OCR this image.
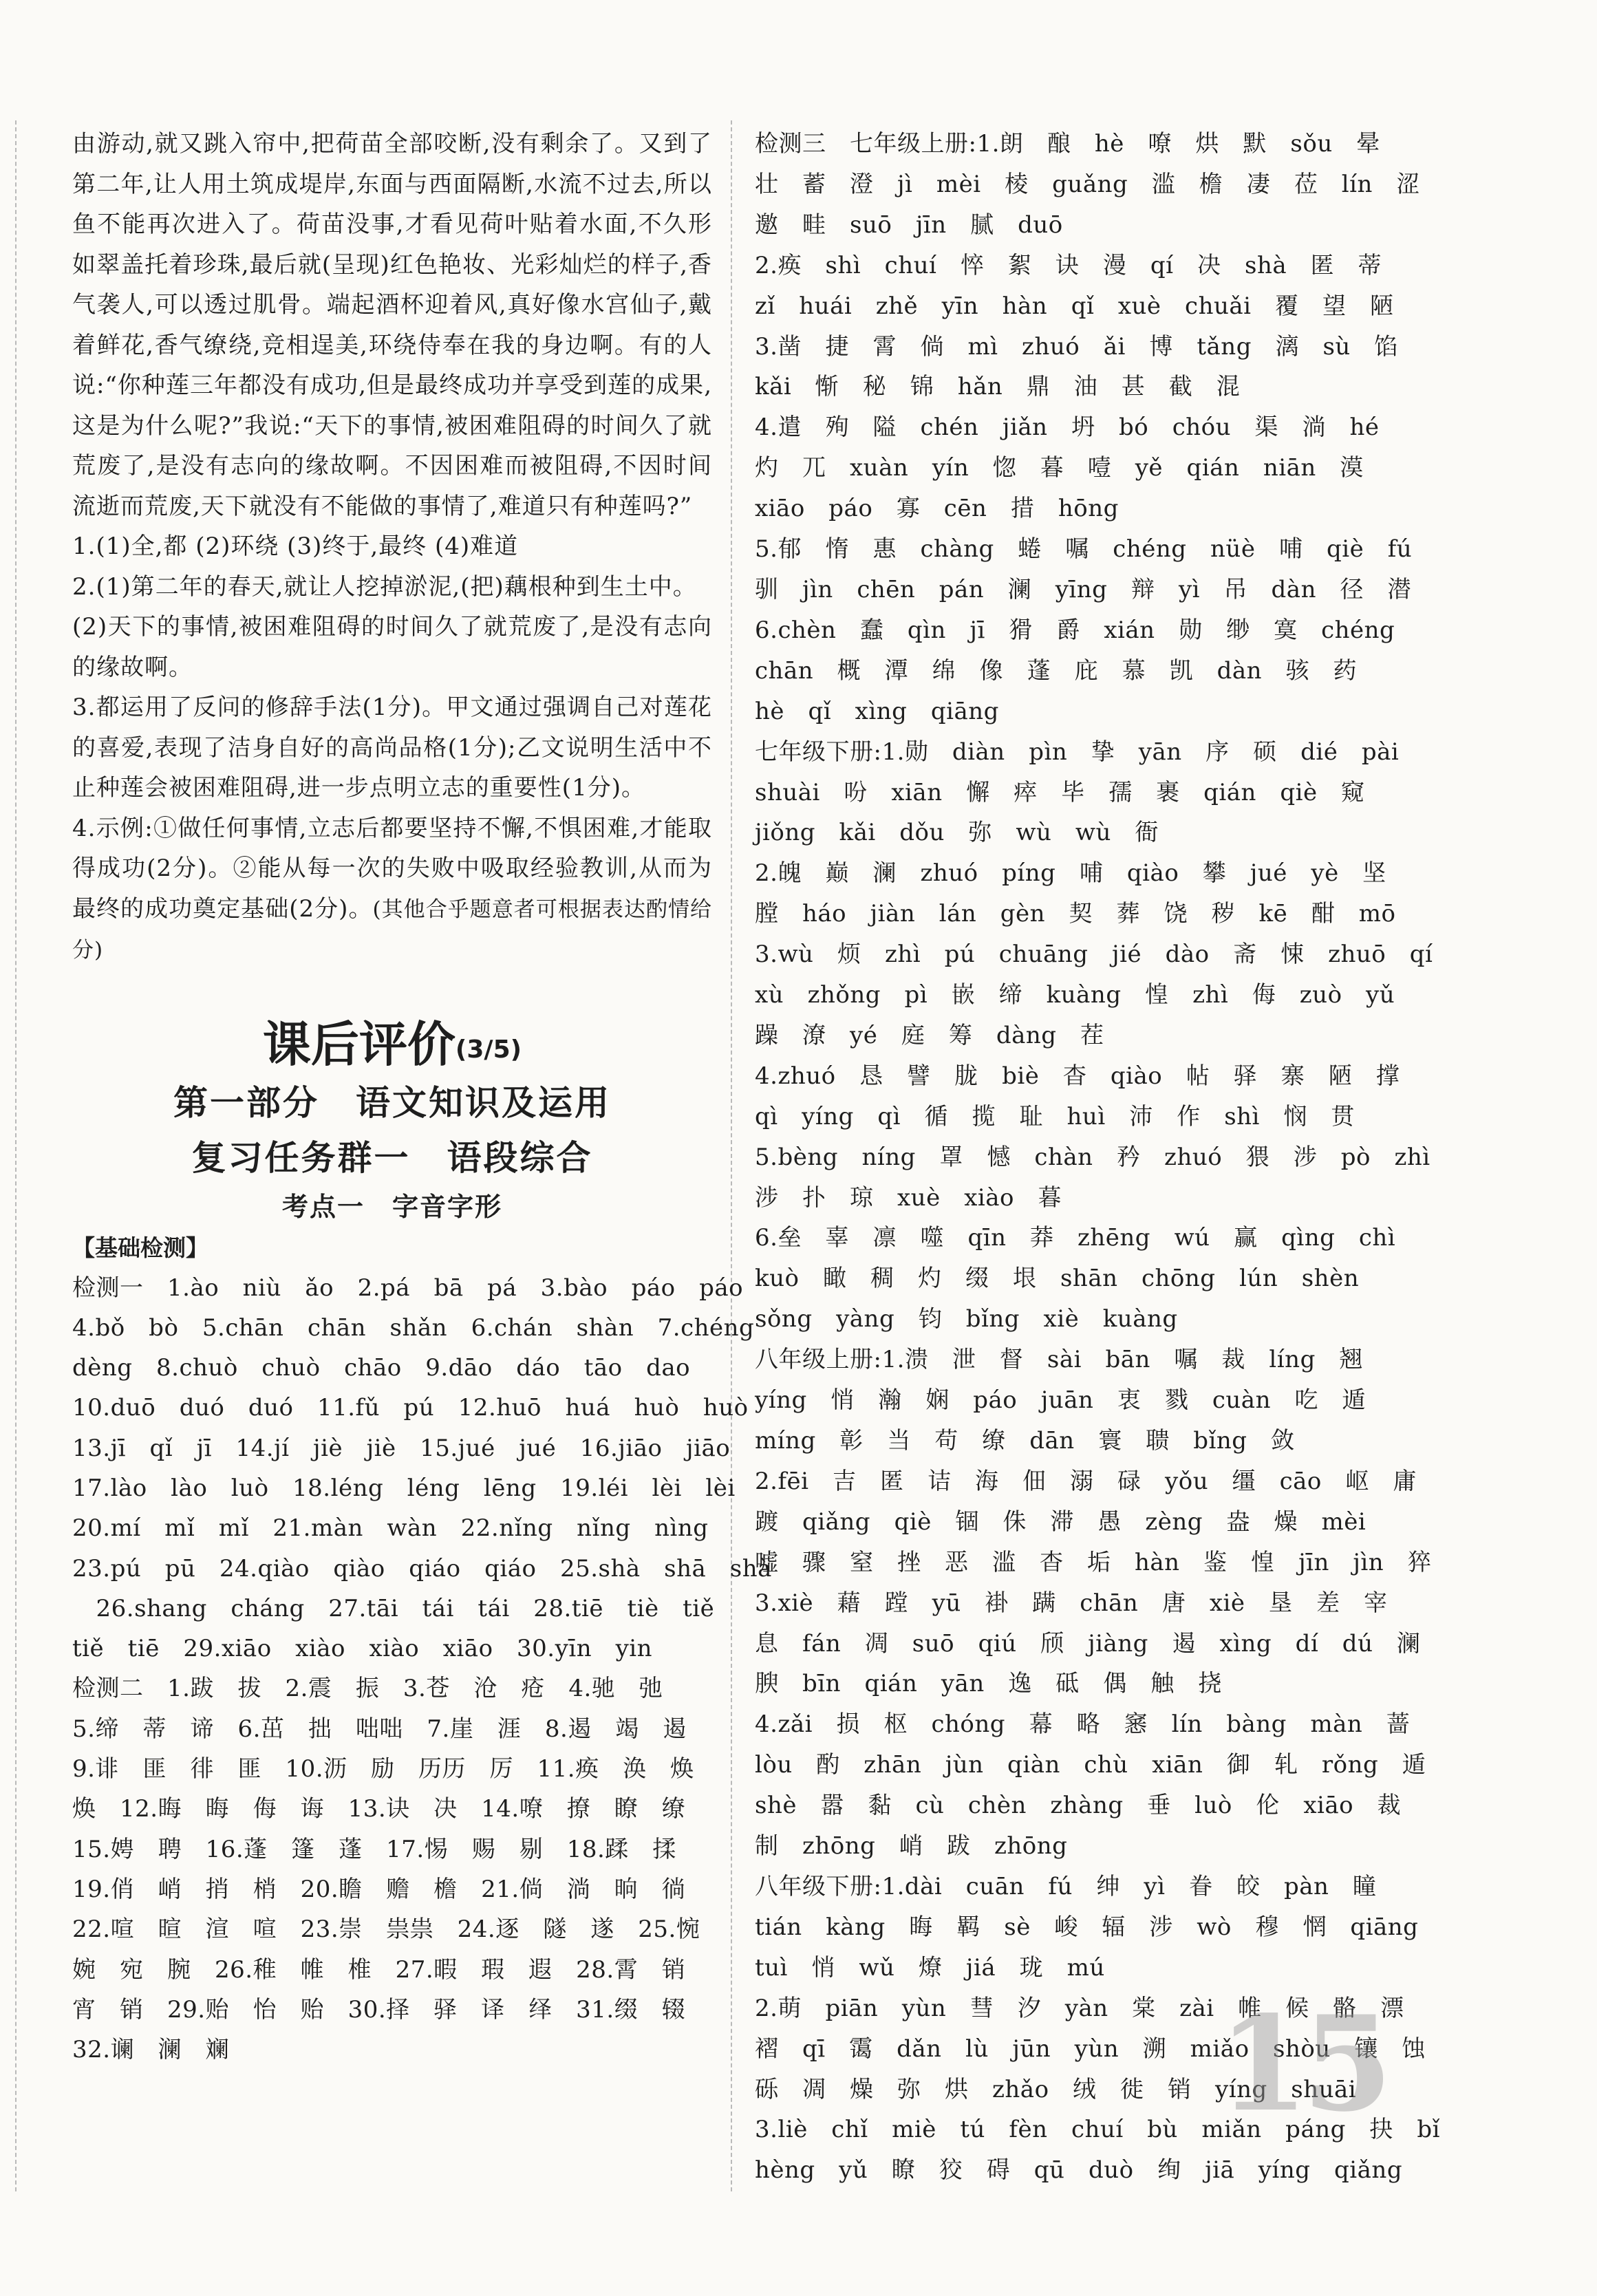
由游动,就又跳入帘中,把荷苗全部咬断,没有剩余了。又到了第二年,让人用土筑成堤岸,东面与西面隔断,水流不过去,所以鱼不能再次进入了。荷苗没事,才看见荷叶贴着水面,不久形如翠盖托着珍珠,最后就(呈现)红色艳妆、光彩灿烂的样子,香气袭人,可以透过肌骨。端起酒杯迎着风,真好像水宫仙子,戴着鲜花,香气缭绕,竞相逞美,环绕侍奉在我的身边啊。有的人说:“你种莲三年都没有成功,但是最终成功并享受到莲的成果,这是为什么呢?”我说:“天下的事情,被困难阻碍的时间久了就荒废了,是没有志向的缘故啊。不因困难而被阻碍,不因时间流逝而荒废,天下就没有不能做的事情了,难道只有种莲吗?”

1.(1)全,都 (2)环绕 (3)终于,最终 (4)难道

2.(1)第二年的春天,就让人挖掉淤泥,(把)藕根种到生土中。

(2)天下的事情,被困难阻碍的时间久了就荒废了,是没有志向的缘故啊。

3.都运用了反问的修辞手法(1分)。甲文通过强调自己对莲花的喜爱,表现了洁身自好的高尚品格(1分);乙文说明生活中不止种莲会被困难阻碍,进一步点明立志的重要性(1分)。

4.示例:①做任何事情,立志后都要坚持不懈,不惧困难,才能取得成功(2分)。②能从每一次的失败中吸取经验教训,从而为最终的成功奠定基础(2分)。(其他合乎题意者可根据表达酌情给分)

课后评价$^{(3/5)}$

第一部分　语文知识及运用

复习任务群一　语段综合

考点一　字音字形

【基础检测】

检测一　1.ào　niù　ǎo　2.pá　bā　pá　3.bào　páo　páo

4.bǒ　bò　5.chān　chān　shǎn　6.chán　shàn　7.chéng

dèng　8.chuò　chuò　chāo　9.dāo　dáo　tāo　dao

10.duō　duó　duó　11.fǔ　pú　12.huō　huá　huò　huò

13.jī　qǐ　jī　14.jí　jiè　jiè　15.jué　jué　16.jiāo　jiāo

17.lào　lào　luò　18.léng　léng　lēng　19.léi　lèi　lèi

20.mí　mǐ　mǐ　21.màn　wàn　22.nǐng　nǐng　nìng

23.pú　pū　24.qiào　qiào　qiáo　qiáo　25.shà　shā　shà

　26.shang　cháng　27.tāi　tái　tái　28.tiē　tiè　tiě

tiě　tiē　29.xiāo　xiào　xiào　xiāo　30.yīn　yin

检测二　1.跋　拔　2.震　振　3.苍　沧　疮　4.驰　弛

5.缔　蒂　谛　6.茁　拙　咄咄　7.崖　涯　8.遏　竭　遏

9.诽　匪　徘　匪　10.沥　励　历历　厉　11.痪　涣　焕

焕　12.晦　晦　侮　诲　13.诀　决　14.嘹　撩　瞭　缭

15.娉　聘　16.蓬　篷　蓬　17.惕　赐　剔　18.蹂　揉

19.俏　峭　捎　梢　20.瞻　赡　檐　21.倘　淌　晌　徜

22.喧　暄　渲　喧　23.崇　祟祟　24.逐　隧　遂　25.惋

婉　宛　腕　26.稚　帷　椎　27.暇　瑕　遐　28.霄　销

宵　销　29.贻　怡　贻　30.择　驿　译　绎　31.缀　辍

32.谰　澜　斓

检测三　七年级上册:1.朗　酿　hè　嘹　烘　默　sǒu　晕

壮　蓄　澄　jì　mèi　棱　guǎng　滥　檐　凄　莅　lín　涩

邀　畦　suō　jīn　腻　duō

2.痪　shì　chuí　悴　絮　诀　漫　qí　决　shà　匿　蒂

zǐ　huái　zhě　yīn　hàn　qǐ　xuè　chuǎi　覆　望　陋

3.凿　捷　霄　倘　mì　zhuó　ǎi　博　tǎng　漓　sù　馅

kǎi　惭　秘　锦　hǎn　鼎　油　甚　截　混

4.遣　殉　隘　chén　jiǎn　坍　bó　chóu　渠　淌　hé

灼　兀　xuàn　yín　惚　暮　噎　yě　qián　niān　漠

xiāo　páo　寡　cēn　措　hōng

5.郁　惰　惠　chàng　蜷　嘱　chéng　nüè　哺　qiè　fú

驯　jìn　chēn　pán　澜　yīng　辩　yì　吊　dàn　径　潜

6.chèn　蠢　qìn　jī　猾　爵　xián　勋　缈　寞　chéng

chān　概　潭　绵　像　蓬　庇　慕　凯　dàn　骇　药

hè　qǐ　xìng　qiāng

七年级下册:1.勋　diàn　pìn　挚　yān　序　硕　dié　pài

shuài　吩　xiān　懈　瘁　毕　孺　裹　qián　qiè　窥

jiǒng　kǎi　dǒu　弥　wù　wù　衙

2.魄　巅　澜　zhuó　píng　哺　qiào　攀　jué　yè　坚

膛　háo　jiàn　lán　gèn　契　葬　饶　秽　kē　酣　mō

3.wù　烦　zhì　pú　chuāng　jié　dào　斋　悚　zhuō　qí

xù　zhǒng　pì　嵌　缔　kuàng　惶　zhì　侮　zuò　yǔ

躁　潦　yé　庭　筹　dàng　茬

4.zhuó　恳　譬　胧　biè　杳　qiào　帖　驿　寨　陋　撑

qì　yíng　qì　循　揽　耻　huì　沛　作　shì　悯　贯

5.bèng　níng　罩　憾　chàn　矜　zhuó　猥　涉　pò　zhì

涉　扑　琼　xuè　xiào　暮

6.垒　辜　凛　噬　qīn　莽　zhēng　wú　赢　qìng　chì

kuò　瞰　稠　灼　缀　垠　shān　chōng　lún　shèn

sǒng　yàng　钧　bǐng　xiè　kuàng

八年级上册:1.溃　泄　督　sài　bān　嘱　裁　líng　翘

yíng　悄　瀚　娴　páo　juān　衷　戮　cuàn　吃　遁

míng　彰　当　苟　缭　dān　寰　聩　bǐng　敛

2.fēi　吉　匿　诘　海　佃　溺　碌　yǒu　缰　cāo　岖　庸

踱　qiǎng　qiè　锢　侏　滞　愚　zèng　盎　燥　mèi

嘘　骤　窒　挫　恶　滥　杳　垢　hàn　鉴　惶　jīn　jìn　猝

3.xiè　藉　蹚　yū　褂　蹒　chān　唐　xiè　垦　差　宰

息　fán　凋　suō　qiú　颀　jiàng　遏　xìng　dí　dú　澜

腴　bīn　qián　yān　逸　砥　偶　触　挠

4.zǎi　损　枢　chóng　幕　略　窸　lín　bàng　màn　蔷

lòu　酌　zhān　jùn　qiàn　chù　xiān　御　轧　rǒng　遁

shè　嚣　黏　cù　chèn　zhàng　垂　luò　伦　xiāo　裁

制　zhōng　峭　跋　zhōng

八年级下册:1.dài　cuān　fú　绅　yì　眷　皎　pàn　瞳

tián　kàng　晦　羁　sè　峻　辐　涉　wò　穆　惘　qiāng

tuì　悄　wǔ　燎　jiá　珑　mú

2.萌　piān　yùn　彗　汐　yàn　棠　zài　帷　候　骼　漂

褶　qī　霭　dǎn　lù　jūn　yùn　溯　miǎo　shòu　镶　蚀

砾　凋　燥　弥　烘　zhǎo　绒　徙　销　yíng　shuāi

3.liè　chǐ　miè　tú　fèn　chuí　bù　miǎn　páng　抉　bǐ

hèng　yǔ　瞭　狡　碍　qū　duò　绚　jiā　yíng　qiǎng

15
